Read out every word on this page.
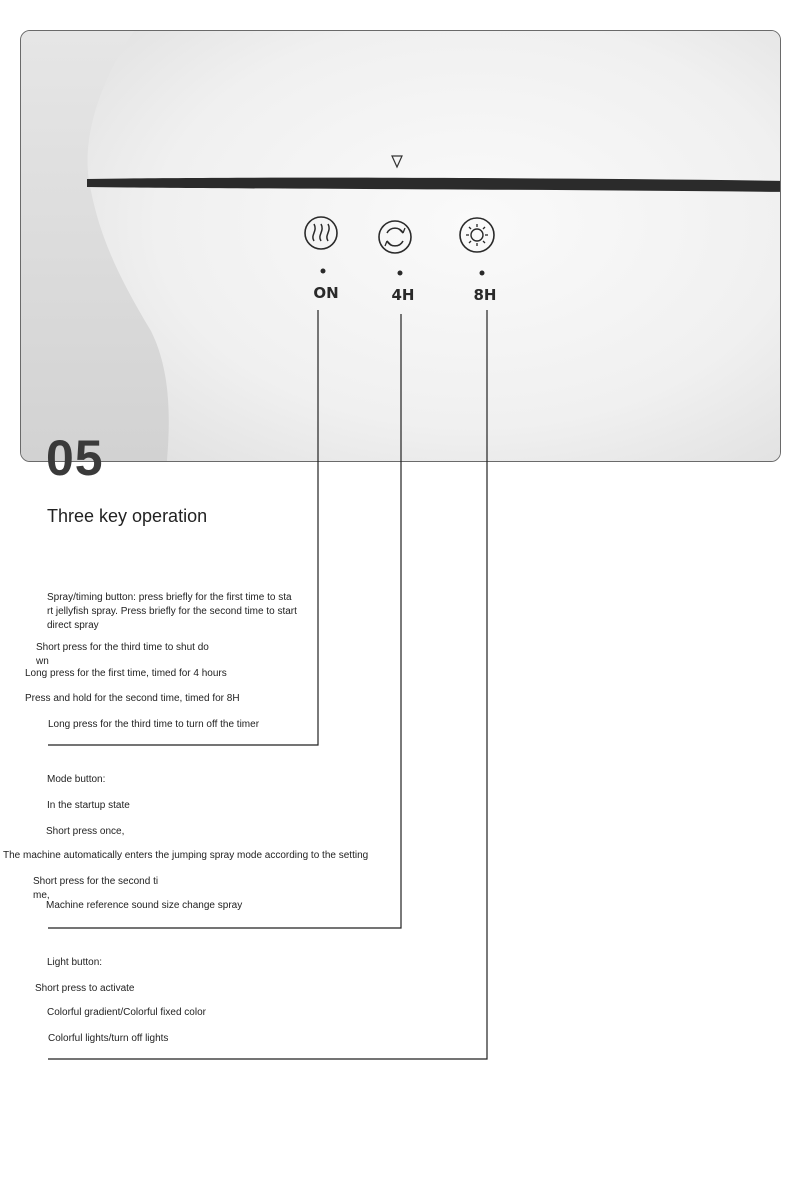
ON	4H	8H
05
Three key operation
Spray/timing button: press briefly for the first time to sta
rt jellyfish spray. Press briefly for the second time to start
direct spray
Short press for the third time to shut do
wn
Long press for the first time, timed for 4 hours
Press and hold for the second time, timed for 8H
Long press for the third time to turn off the timer
Mode button:
In the startup state
Short press once,
The machine automatically enters the jumping spray mode according to the setting
Short press for the second ti
me,
Machine reference sound size change spray
Light button:
Short press to activate
Colorful gradient/Colorful fixed color
Colorful lights/turn off lights
